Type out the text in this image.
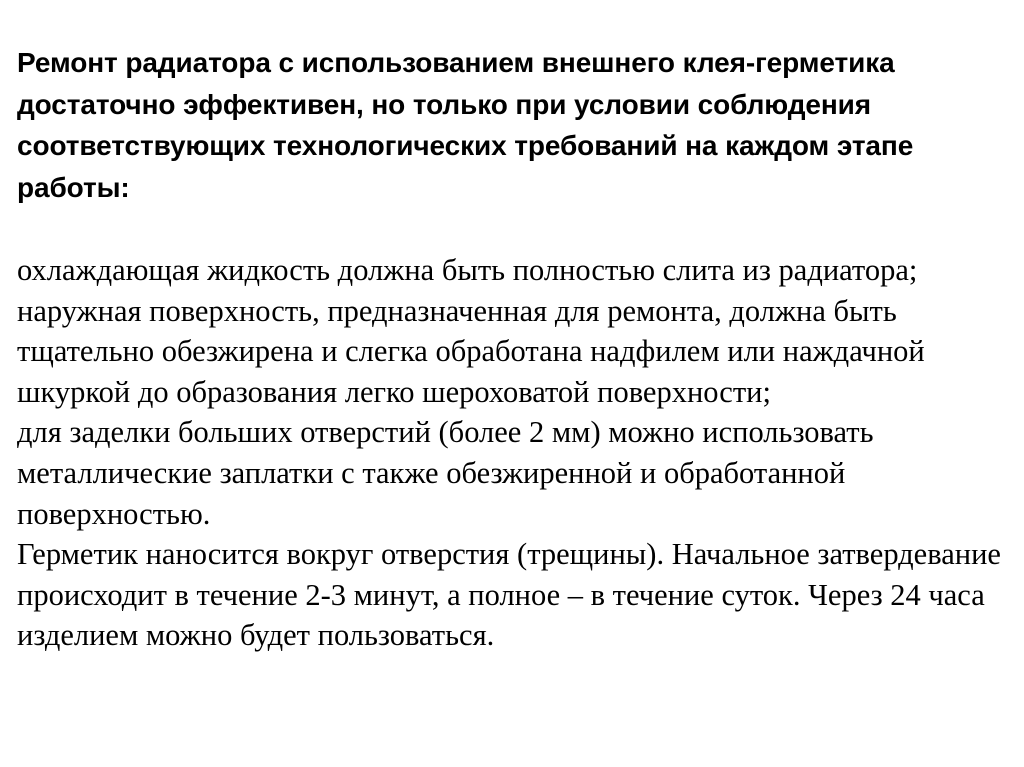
Ремонт радиатора с использованием внешнего клея-герметика достаточно эффективен, но только при условии соблюдения соответствующих технологических требований на каждом этапе работы:

охлаждающая жидкость должна быть полностью слита из радиатора;

наружная поверхность, предназначенная для ремонта, должна быть тщательно обезжирена и слегка обработана надфилем или наждачной шкуркой до образования легко шероховатой поверхности;

для заделки больших отверстий (более 2 мм) можно использовать металлические заплатки с также обезжиренной и обработанной поверхностью.

Герметик наносится вокруг отверстия (трещины). Начальное затвердевание происходит в течение 2-3 минут, а полное – в течение суток. Через 24 часа изделием можно будет пользоваться.
